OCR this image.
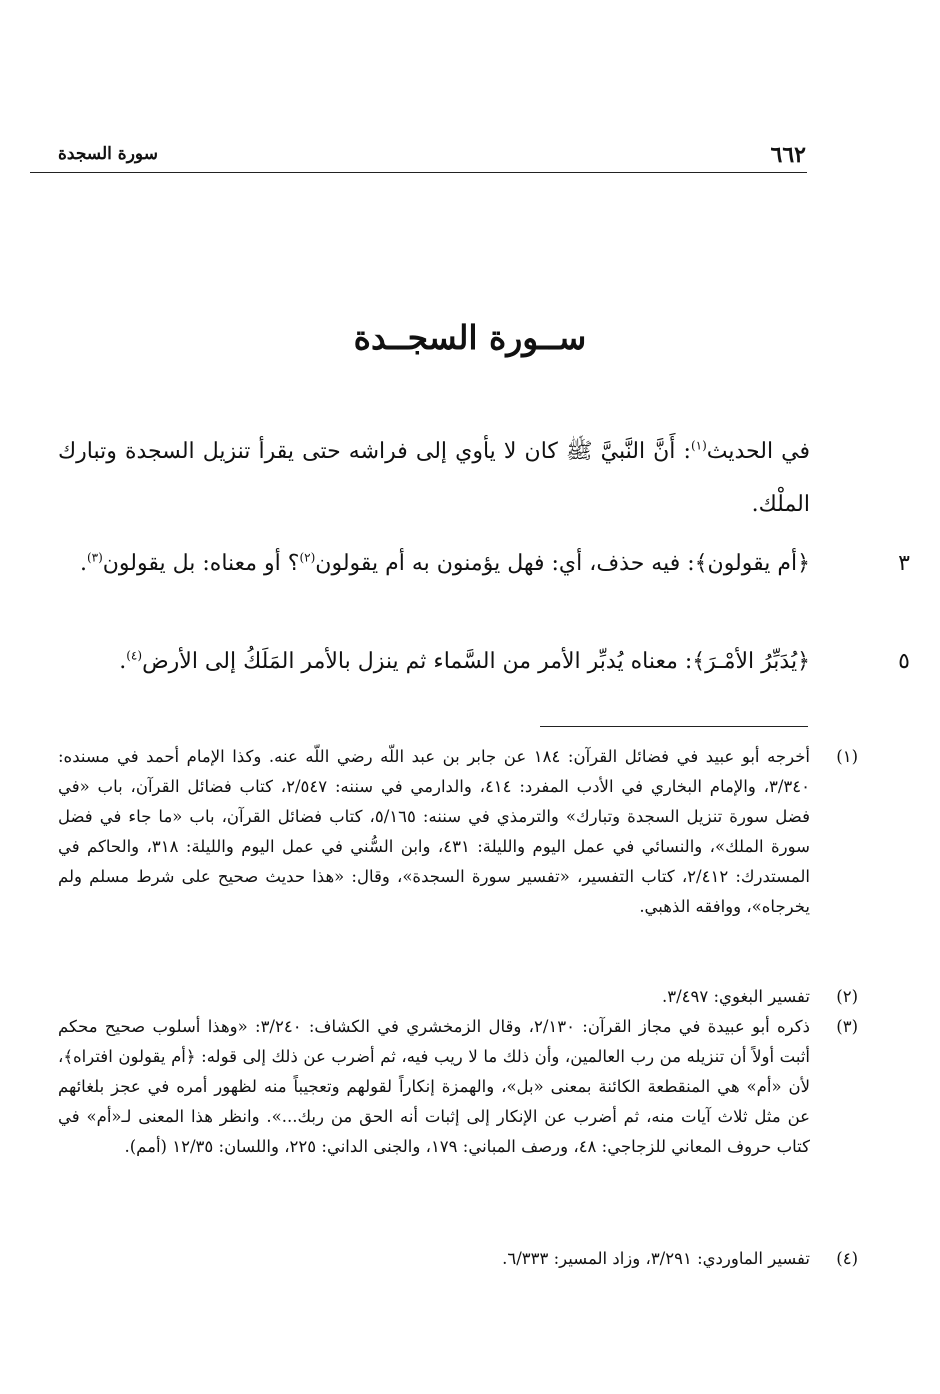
٦٦٢
سورة السجدة
ســورة السجــدة
في الحديث$^{(١)}$: أَنَّ النَّبيَّ ﷺ كان لا يأوي إلى فراشه حتى يقرأ تنزيل السجدة وتبارك الملْك.
٣
﴿أم يقولون﴾: فيه حذف، أي: فهل يؤمنون به أم يقولون$^{(٢)}$؟ أو معناه: بل يقولون$^{(٣)}$.
٥
﴿يُدَبِّرُ الأمْـرَ﴾: معناه يُدبِّر الأمر من السَّماء ثم ينزل بالأمر المَلَكُ إلى الأرض$^{(٤)}$.
(١)
أخرجه أبو عبيد في فضائل القرآن: ١٨٤ عن جابر بن عبد اللّه رضي اللّه عنه. وكذا الإمام أحمد في مسنده: ٣/٣٤٠، والإمام البخاري في الأدب المفرد: ٤١٤، والدارمي في سننه: ٢/٥٤٧، كتاب فضائل القرآن، باب «في فضل سورة تنزيل السجدة وتبارك» والترمذي في سننه: ٥/١٦٥، كتاب فضائل القرآن، باب «ما جاء في فضل سورة الملك»، والنسائي في عمل اليوم والليلة: ٤٣١، وابن السُّني في عمل اليوم والليلة: ٣١٨، والحاكم في المستدرك: ٢/٤١٢، كتاب التفسير، «تفسير سورة السجدة»، وقال: «هذا حديث صحيح على شرط مسلم ولم يخرجاه»، ووافقه الذهبي.
(٢)
تفسير البغوي: ٣/٤٩٧.
(٣)
ذكره أبو عبيدة في مجاز القرآن: ٢/١٣٠، وقال الزمخشري في الكشاف: ٣/٢٤٠: «وهذا أسلوب صحيح محكم أثبت أولاً أن تنزيله من رب العالمين، وأن ذلك ما لا ريب فيه، ثم أضرب عن ذلك إلى قوله: ﴿أم يقولون افتراه﴾، لأن «أم» هي المنقطعة الكائنة بمعنى «بل»، والهمزة إنكاراً لقولهم وتعجيباً منه لظهور أمره في عجز بلغائهم عن مثل ثلاث آيات منه، ثم أضرب عن الإنكار إلى إثبات أنه الحق من ربك...». وانظر هذا المعنى لـ«أم» في كتاب حروف المعاني للزجاجي: ٤٨، ورصف المباني: ١٧٩، والجنى الداني: ٢٢٥، واللسان: ١٢/٣٥ (أمم).
(٤)
تفسير الماوردي: ٣/٢٩١، وزاد المسير: ٦/٣٣٣.
